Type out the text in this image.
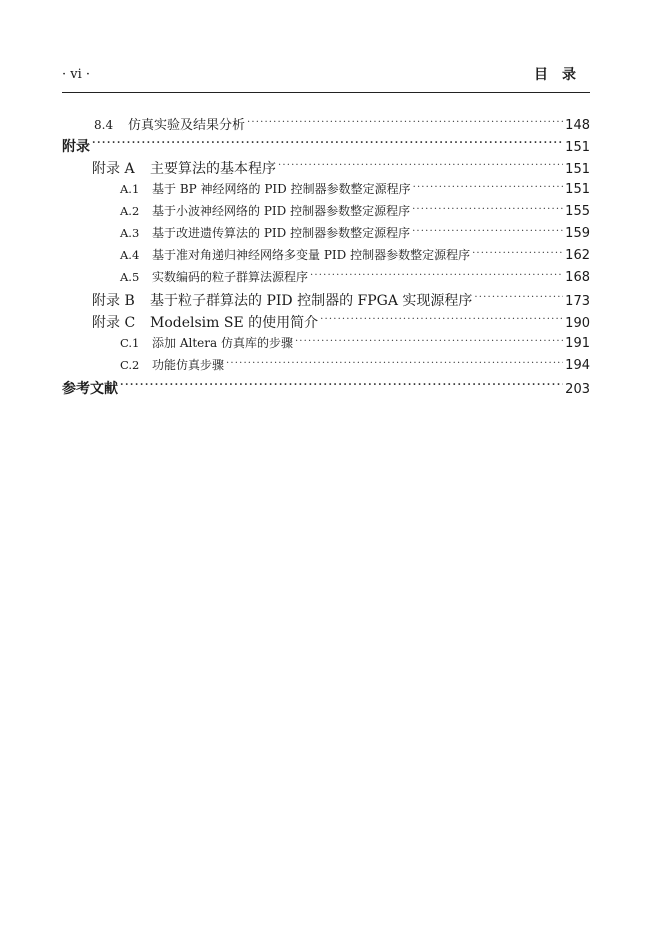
· vi ·	目录
8.4	仿真实验及结果分析 . . .	148
附录 . . .	151
附录 A	主要算法的基本程序 . . .	151
A.1	基于 BP 神经网络的 PID 控制器参数整定源程序 . . .	151
A.2	基于小波神经网络的 PID 控制器参数整定源程序 . . .	155
A.3	基于改进遗传算法的 PID 控制器参数整定源程序 . . .	159
A.4	基于准对角递归神经网络多变量 PID 控制器参数整定源程序 . . .	162
A.5	实数编码的粒子群算法源程序 . . .	168
附录 B	基于粒子群算法的 PID 控制器的 FPGA 实现源程序 . . .	173
附录 C	Modelsim SE 的使用简介 . . .	190
C.1	添加 Altera 仿真库的步骤 . . .	191
C.2	功能仿真步骤 . . .	194
参考文献 . . .	203
